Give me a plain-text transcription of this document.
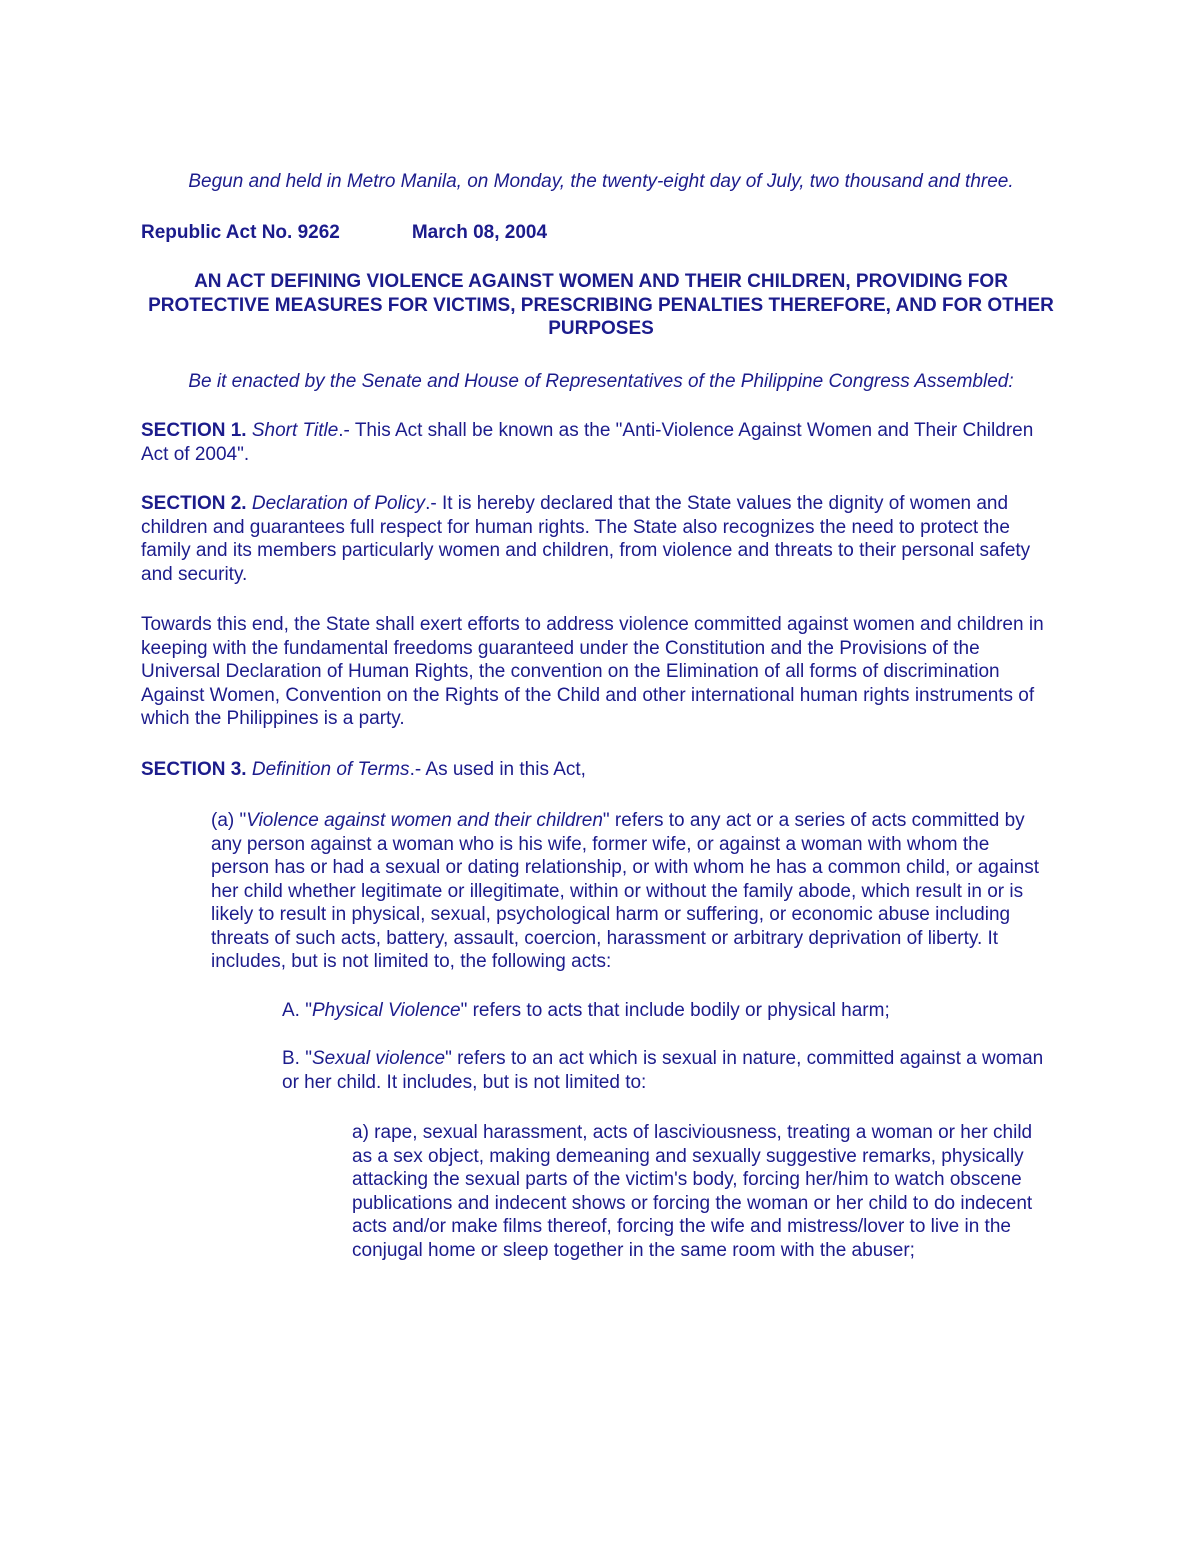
Begun and held in Metro Manila, on Monday, the twenty-eight day of July, two thousand and three.

Republic Act No. 9262	March 08, 2004

AN ACT DEFINING VIOLENCE AGAINST WOMEN AND THEIR CHILDREN, PROVIDING FOR PROTECTIVE MEASURES FOR VICTIMS, PRESCRIBING PENALTIES THEREFORE, AND FOR OTHER PURPOSES

Be it enacted by the Senate and House of Representatives of the Philippine Congress Assembled:

SECTION 1. Short Title.- This Act shall be known as the "Anti-Violence Against Women and Their Children Act of 2004".

SECTION 2. Declaration of Policy.- It is hereby declared that the State values the dignity of women and children and guarantees full respect for human rights. The State also recognizes the need to protect the family and its members particularly women and children, from violence and threats to their personal safety and security.

Towards this end, the State shall exert efforts to address violence committed against women and children in keeping with the fundamental freedoms guaranteed under the Constitution and the Provisions of the Universal Declaration of Human Rights, the convention on the Elimination of all forms of discrimination Against Women, Convention on the Rights of the Child and other international human rights instruments of which the Philippines is a party.

SECTION 3. Definition of Terms.- As used in this Act,

(a) "Violence against women and their children" refers to any act or a series of acts committed by any person against a woman who is his wife, former wife, or against a woman with whom the person has or had a sexual or dating relationship, or with whom he has a common child, or against her child whether legitimate or illegitimate, within or without the family abode, which result in or is likely to result in physical, sexual, psychological harm or suffering, or economic abuse including threats of such acts, battery, assault, coercion, harassment or arbitrary deprivation of liberty. It includes, but is not limited to, the following acts:

A. "Physical Violence" refers to acts that include bodily or physical harm;

B. "Sexual violence" refers to an act which is sexual in nature, committed against a woman or her child. It includes, but is not limited to:

a) rape, sexual harassment, acts of lasciviousness, treating a woman or her child as a sex object, making demeaning and sexually suggestive remarks, physically attacking the sexual parts of the victim's body, forcing her/him to watch obscene publications and indecent shows or forcing the woman or her child to do indecent acts and/or make films thereof, forcing the wife and mistress/lover to live in the conjugal home or sleep together in the same room with the abuser;
